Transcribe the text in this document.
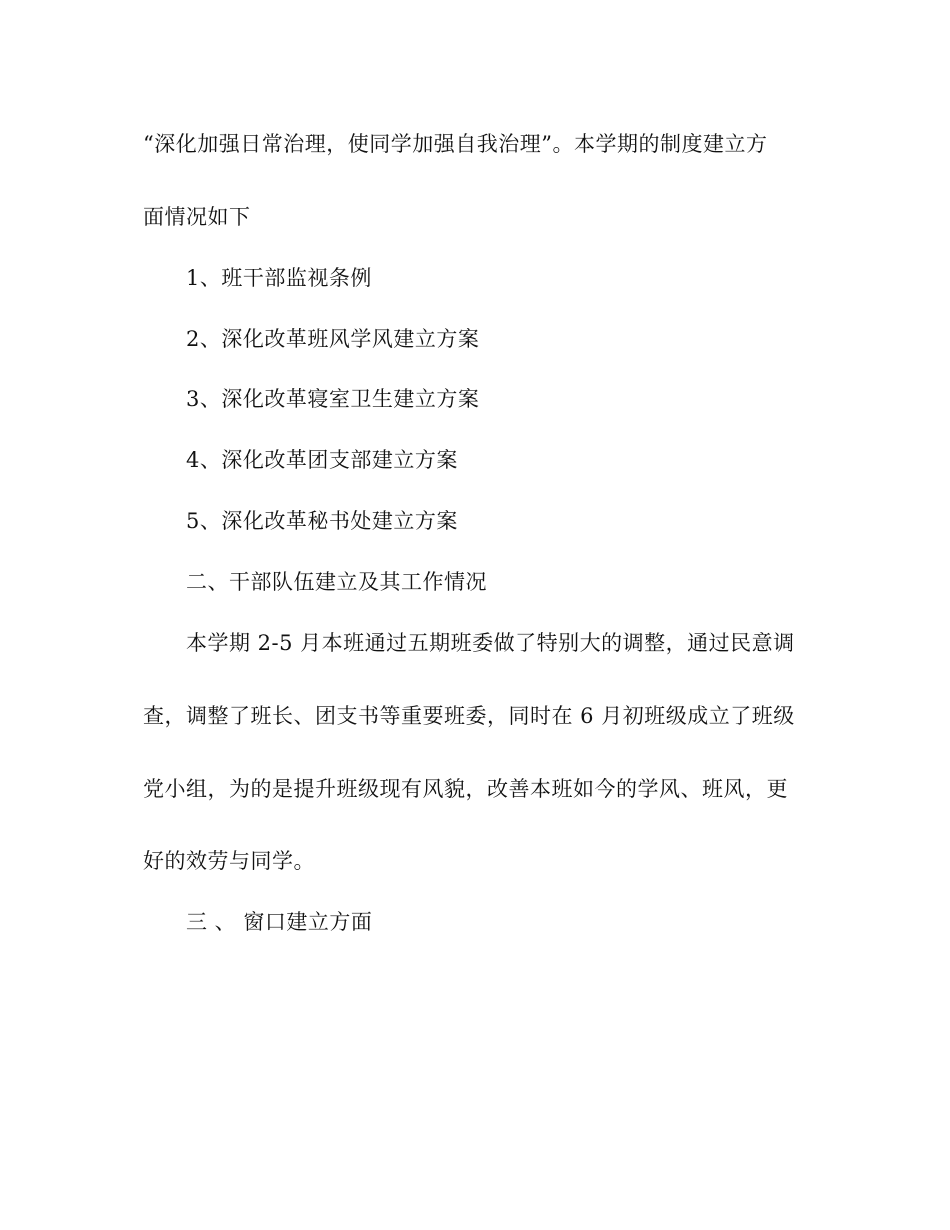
“深化加强日常治理，使同学加强自我治理”。本学期的制度建立方
面情况如下
1、班干部监视条例
2、深化改革班风学风建立方案
3、深化改革寝室卫生建立方案
4、深化改革团支部建立方案
5、深化改革秘书处建立方案
二、干部队伍建立及其工作情况
本学期 2-5 月本班通过五期班委做了特别大的调整，通过民意调
查，调整了班长、团支书等重要班委，同时在 6 月初班级成立了班级
党小组，为的是提升班级现有风貌，改善本班如今的学风、班风，更
好的效劳与同学。
三 、 窗口建立方面
